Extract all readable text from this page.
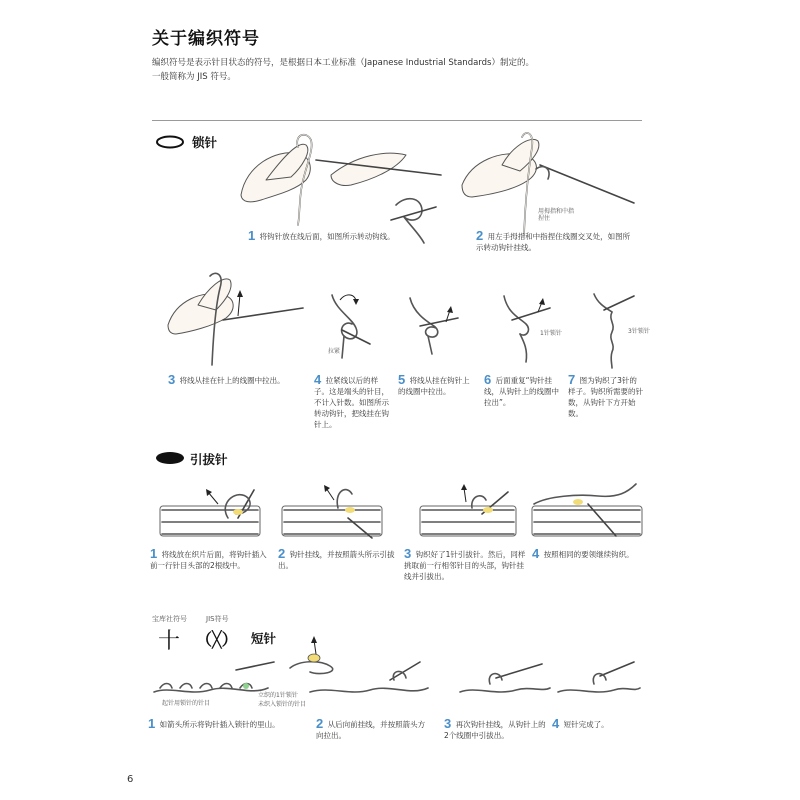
关于编织符号
编织符号是表示针目状态的符号，是根据日本工业标准（Japanese Industrial Standards）制定的。
一般简称为 JIS 符号。
锁针
用拇指和中指捏住
1 将钩针放在线后面，如图所示转动钩线。	2 用左手拇指和中指捏住线圈交叉处，如图所示转动钩针挂线。
拉紧
1针锁针	3针锁针
3 将线从挂在针上的线圈中拉出。	4 拉紧线以后的样子。这是端头的针目，不计入针数。如图所示转动钩针，把线挂在钩针上。
5 将线从挂在钩针上的线圈中拉出。
6 后面重复“钩针挂线，从钩针上的线圈中拉出”。
7 图为钩织了3针的样子。钩织所需要的针数，从钩针下方开始数。
引拔针
1 将线放在织片后面，将钩针插入前一行针目头部的2根线中。
2 钩针挂线，并按照箭头所示引拔出。
3 钩织好了1针引拔针。然后，同样挑取前一行相邻针目的头部，钩针挂线并引拔出。
4 按照相同的要领继续钩织。
宝库社符号	JIS符号
十 （╳） 短针
起针用锁针的针目
立织的1针锁针
未织入锁针的针目
1 如箭头所示将钩针插入锁针的里山。	2 从后向前挂线，并按照箭头方向拉出。
3 再次钩针挂线，从钩针上的2个线圈中引拔出。
4 短针完成了。
6
